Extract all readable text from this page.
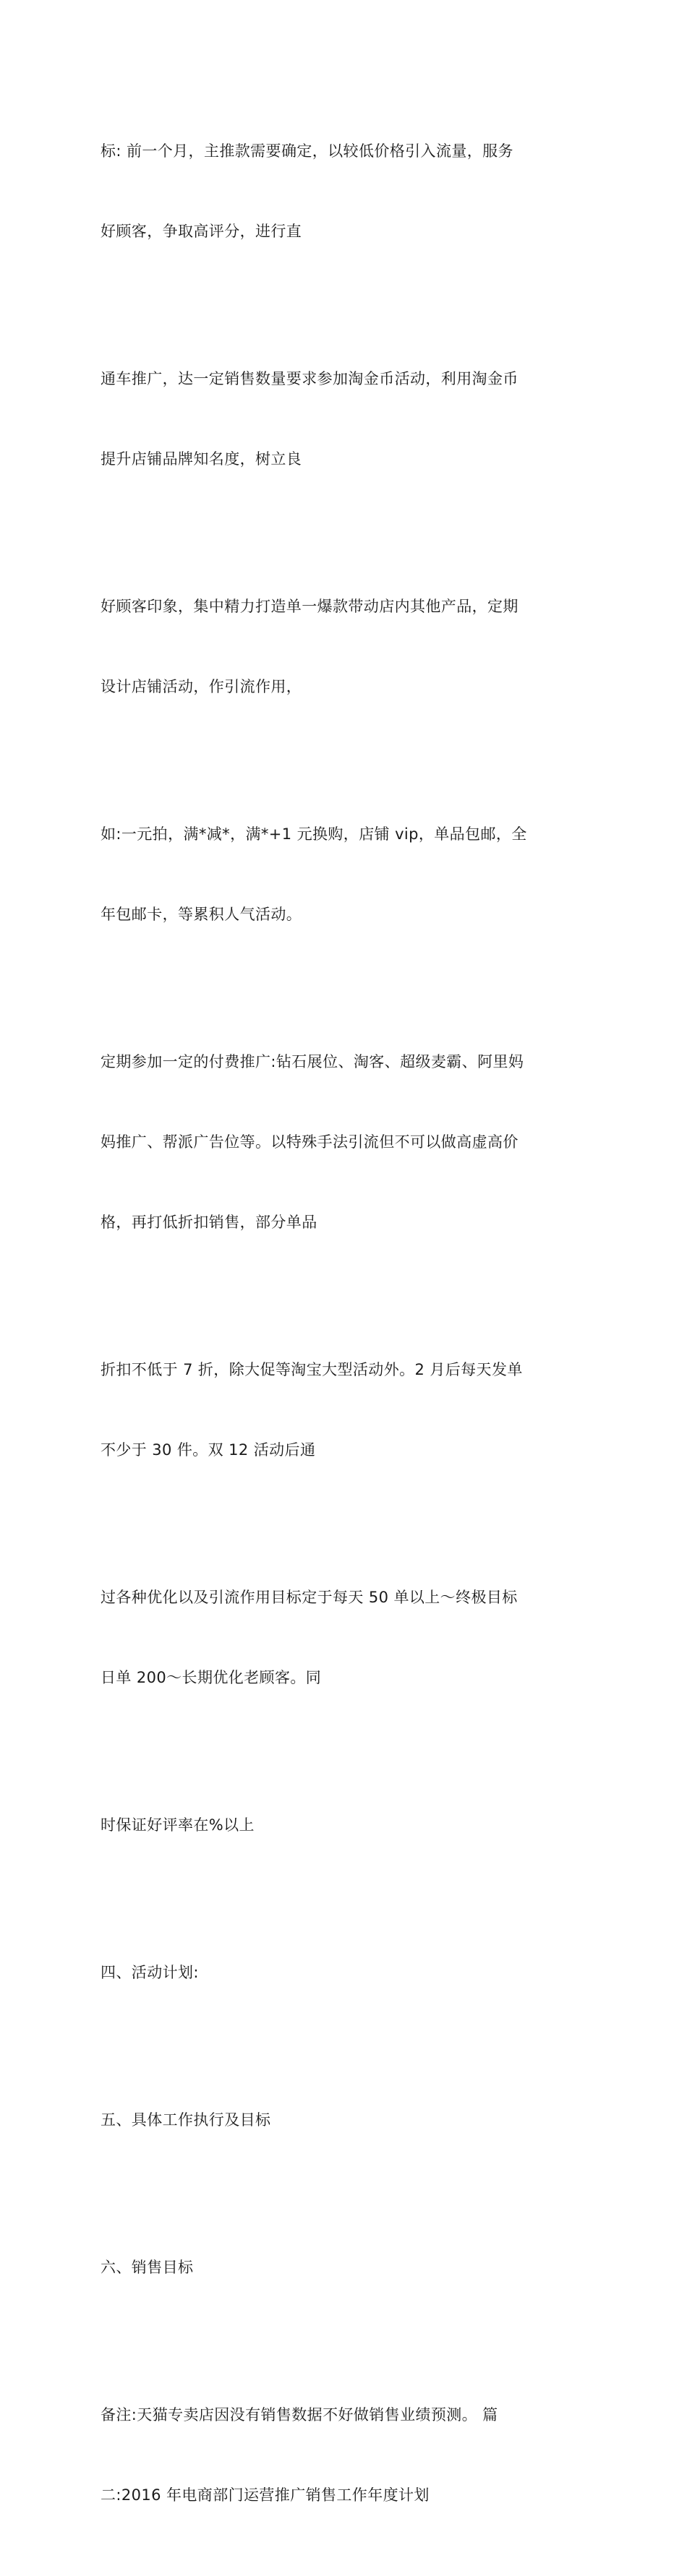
标: 前一个月，主推款需要确定，以较低价格引入流量，服务

好顾客，争取高评分，进行直

通车推广，达一定销售数量要求参加淘金币活动，利用淘金币

提升店铺品牌知名度，树立良

好顾客印象，集中精力打造单一爆款带动店内其他产品，定期

设计店铺活动，作引流作用，

如:一元拍，满*减*，满*+1 元换购，店铺 vip，单品包邮，全

年包邮卡，等累积人气活动。

定期参加一定的付费推广:钻石展位、淘客、超级麦霸、阿里妈

妈推广、帮派广告位等。以特殊手法引流但不可以做高虚高价

格，再打低折扣销售，部分单品

折扣不低于 7 折，除大促等淘宝大型活动外。2 月后每天发单

不少于 30 件。双 12 活动后通

过各种优化以及引流作用目标定于每天 50 单以上～终极目标

日单 200～长期优化老顾客。同

时保证好评率在%以上

四、活动计划:

五、具体工作执行及目标

六、销售目标

备注:天猫专卖店因没有销售数据不好做销售业绩预测。 篇

二:2016 年电商部门运营推广销售工作年度计划
